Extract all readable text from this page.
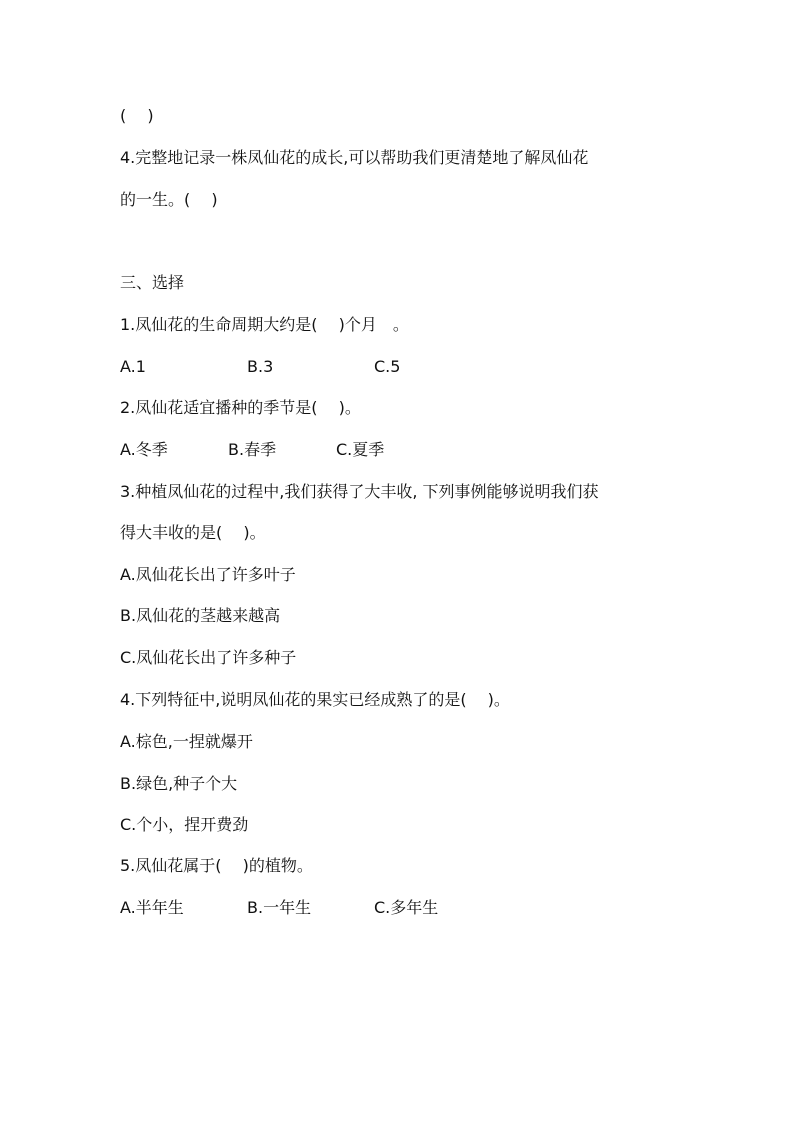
(　 )
4.完整地记录一株凤仙花的成长,可以帮助我们更清楚地了解凤仙花
的一生。(　 )
三、选择
1.凤仙花的生命周期大约是(　 )个月　。
A.1	B.3	C.5
2.凤仙花适宜播种的季节是(　 )。
A.冬季	B.春季	C.夏季
3.种植凤仙花的过程中,我们获得了大丰收, 下列事例能够说明我们获
得大丰收的是(　 )。
A.凤仙花长出了许多叶子
B.凤仙花的茎越来越高
C.凤仙花长出了许多种子
4.下列特征中,说明凤仙花的果实已经成熟了的是(　 )。
A.棕色,一捏就爆开
B.绿色,种子个大
C.个小，捏开费劲
5.凤仙花属于(　 )的植物。
A.半年生	B.一年生	C.多年生
